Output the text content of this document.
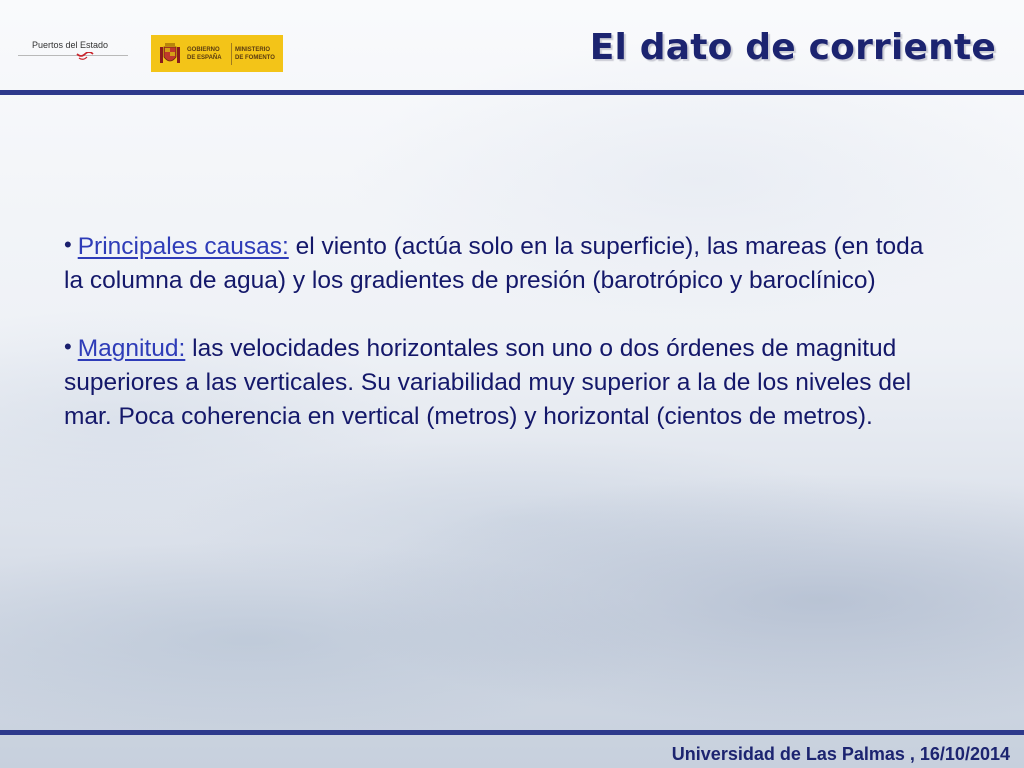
Puertos del Estado	GOBIERNO
DE ESPAÑA
MINISTERIO
DE FOMENTO	El dato de corriente

• Principales causas: el viento (actúa solo en la superficie), las mareas (en toda la columna de agua) y los gradientes de presión (barotrópico y baroclínico)

• Magnitud: las velocidades horizontales son uno o dos órdenes de magnitud superiores a las verticales. Su variabilidad muy superior a la de los niveles del mar. Poca coherencia en vertical (metros) y horizontal (cientos de metros).

Universidad de Las Palmas , 16/10/2014
